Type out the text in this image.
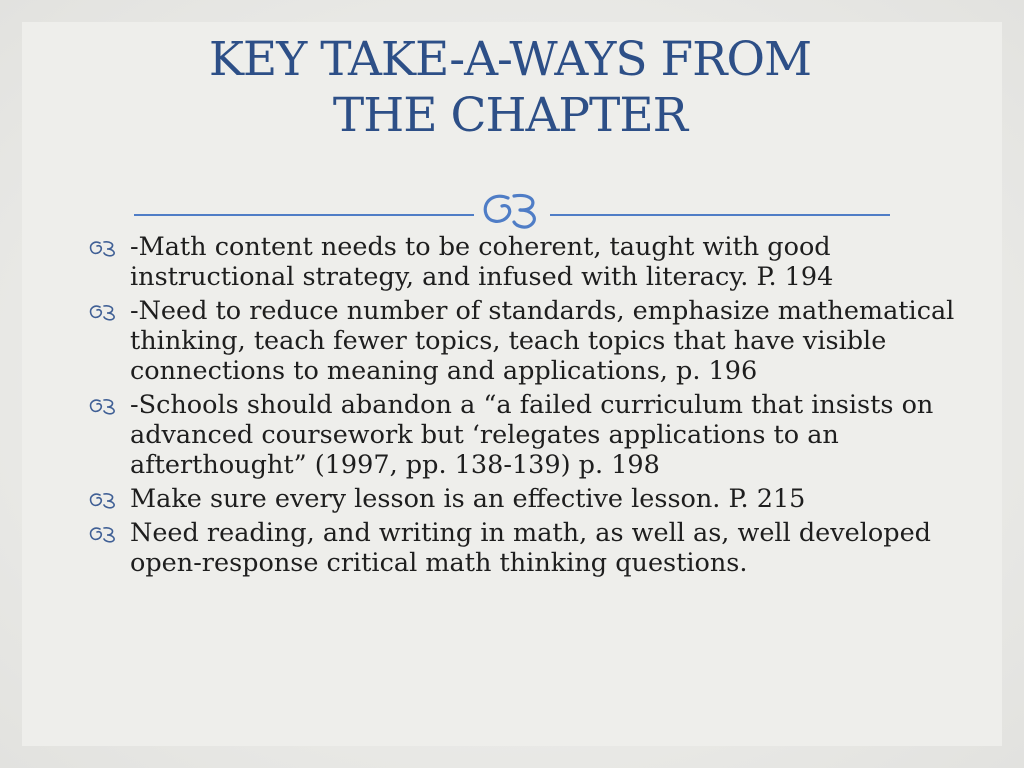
KEY TAKE-A-WAYS FROM
THE CHAPTER
-Math content needs to be coherent, taught with good instructional strategy, and infused with literacy. P. 194
-Need to reduce number of standards, emphasize mathematical thinking, teach fewer topics, teach topics that have visible connections to meaning and applications, p. 196
-Schools should abandon a “a failed curriculum that insists on advanced coursework but ‘relegates applications to an afterthought” (1997, pp. 138-139) p. 198
Make sure every lesson is an effective lesson. P. 215
Need reading, and writing in math, as well as, well developed open-response critical math thinking questions.
